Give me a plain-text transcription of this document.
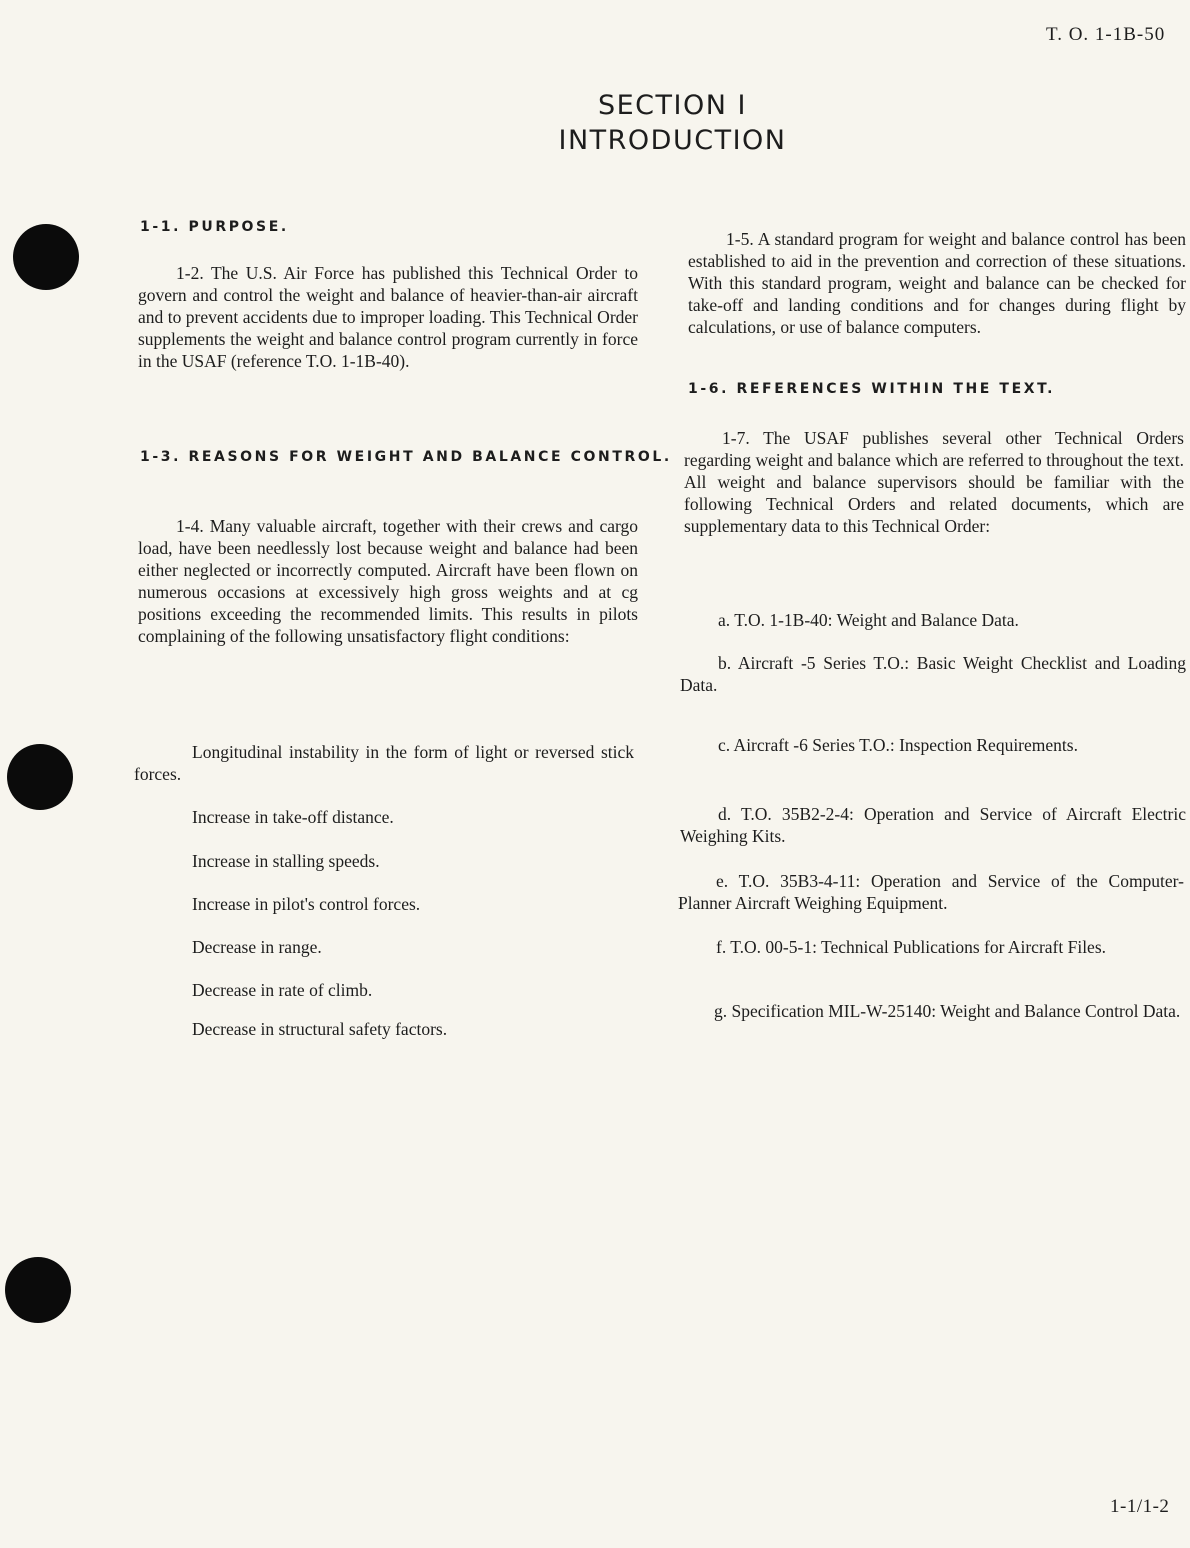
T. O. 1-1B-50
SECTION I
INTRODUCTION
1-1. PURPOSE.
1-2. The U.S. Air Force has published this Technical Order to govern and control the weight and balance of heavier-than-air aircraft and to prevent accidents due to improper loading. This Technical Order supplements the weight and balance control program currently in force in the USAF (reference T.O. 1-1B-40).
1-3. REASONS FOR WEIGHT AND BALANCE CONTROL.
1-4. Many valuable aircraft, together with their crews and cargo load, have been needlessly lost because weight and balance had been either neglected or incorrectly computed. Aircraft have been flown on numerous occasions at excessively high gross weights and at cg positions exceeding the recommended limits. This results in pilots complaining of the following unsatisfactory flight conditions:
Longitudinal instability in the form of light or reversed stick forces.
Increase in take-off distance.
Increase in stalling speeds.
Increase in pilot's control forces.
Decrease in range.
Decrease in rate of climb.
Decrease in structural safety factors.
1-5. A standard program for weight and balance control has been established to aid in the prevention and correction of these situations. With this standard program, weight and balance can be checked for take-off and landing conditions and for changes during flight by calculations, or use of balance computers.
1-6. REFERENCES WITHIN THE TEXT.
1-7. The USAF publishes several other Technical Orders regarding weight and balance which are referred to throughout the text. All weight and balance supervisors should be familiar with the following Technical Orders and related documents, which are supplementary data to this Technical Order:
a. T.O. 1-1B-40: Weight and Balance Data.
b. Aircraft -5 Series T.O.: Basic Weight Checklist and Loading Data.
c. Aircraft -6 Series T.O.: Inspection Requirements.
d. T.O. 35B2-2-4: Operation and Service of Aircraft Electric Weighing Kits.
e. T.O. 35B3-4-11: Operation and Service of the Computer-Planner Aircraft Weighing Equipment.
f. T.O. 00-5-1: Technical Publications for Aircraft Files.
g. Specification MIL-W-25140: Weight and Balance Control Data.
1-1/1-2
